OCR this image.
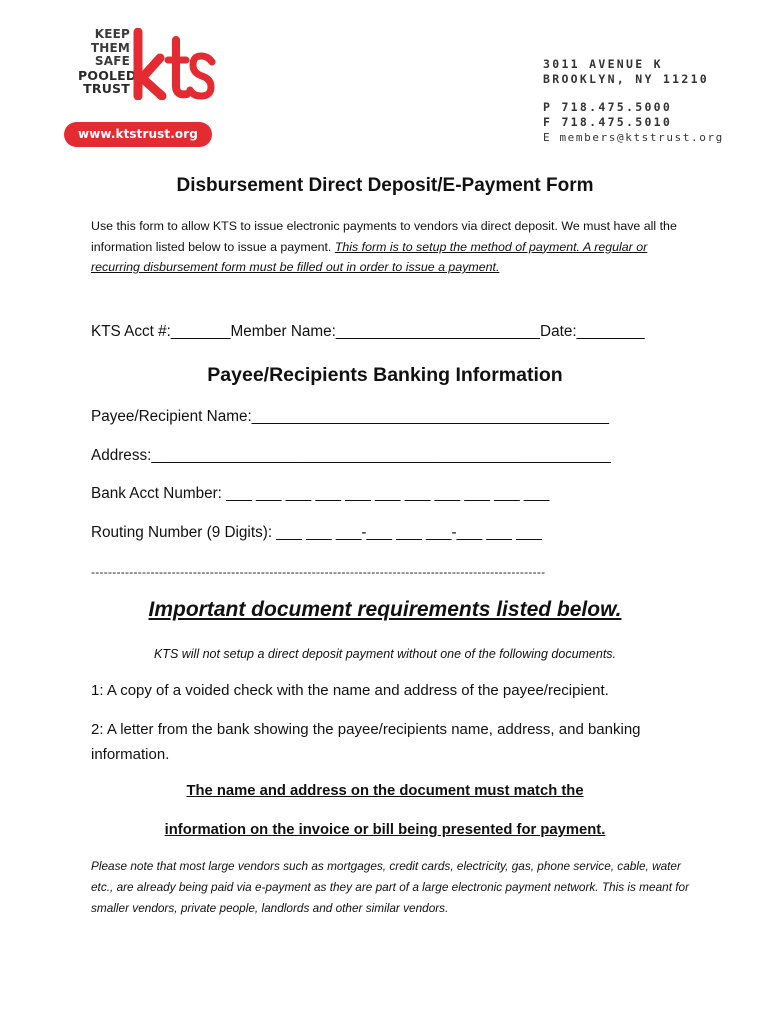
KEEP
THEM
SAFE
POOLED
TRUST
www.ktstrust.org
3011 AVENUE K
BROOKLYN, NY 11210
P 718.475.5000
F 718.475.5010
E members@ktstrust.org
Disbursement Direct Deposit/E-Payment Form

Use this form to allow KTS to issue electronic payments to vendors via direct deposit. We must have all the information listed below to issue a payment. This form is to setup the method of payment. A regular or recurring disbursement form must be filled out in order to issue a payment.

KTS Acct #:_______Member Name:________________________Date:________

Payee/Recipients Banking Information

Payee/Recipient Name:__________________________________________

Address:______________________________________________________

Bank Acct Number: ___ ___ ___ ___ ___ ___ ___ ___ ___ ___ ___

Routing Number (9 Digits): ___ ___ ___-___ ___ ___-___ ___ ___

-----------------------------------------------------------------------------------------------------------

Important document requirements listed below.

KTS will not setup a direct deposit payment without one of the following documents.

1: A copy of a voided check with the name and address of the payee/recipient.

2: A letter from the bank showing the payee/recipients name, address, and banking information.

The name and address on the document must match the

information on the invoice or bill being presented for payment.

Please note that most large vendors such as mortgages, credit cards, electricity, gas, phone service, cable, water etc., are already being paid via e-payment as they are part of a large electronic payment network. This is meant for smaller vendors, private people, landlords and other similar vendors.
